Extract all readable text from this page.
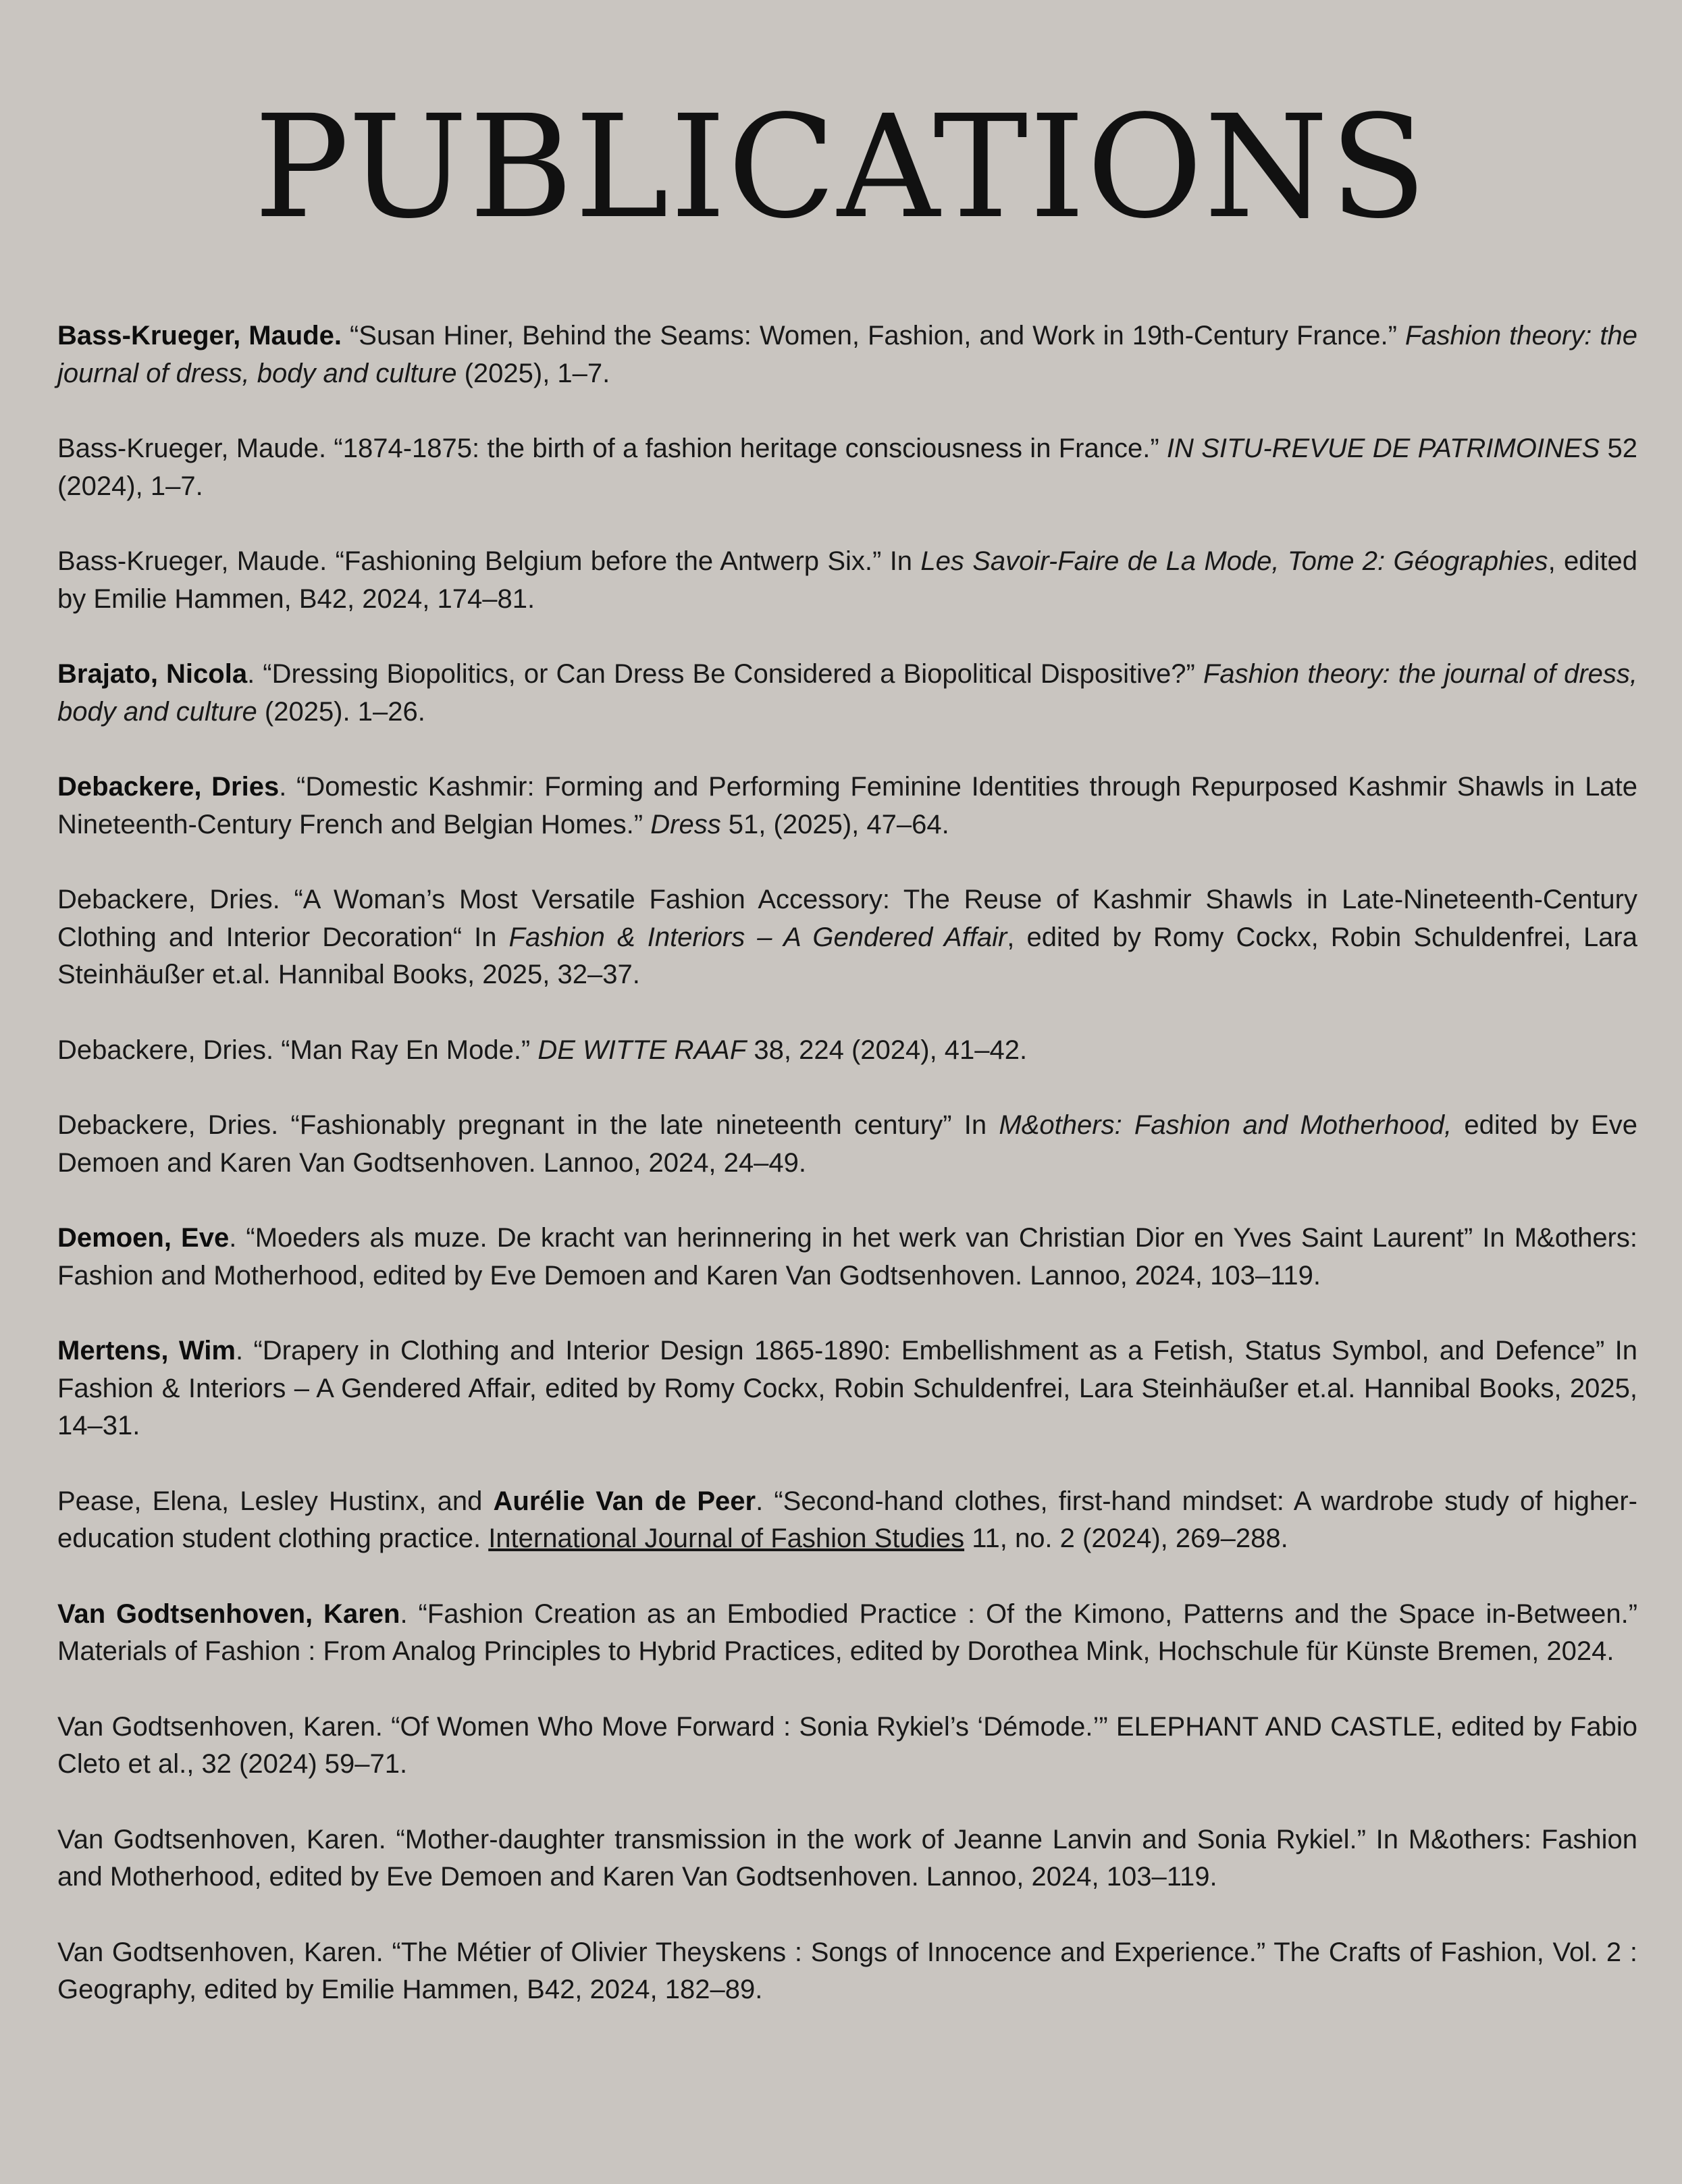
PUBLICATIONS

Bass-Krueger, Maude. “Susan Hiner, Behind the Seams: Women, Fashion, and Work in 19th-Century France.” Fashion theory: the journal of dress, body and culture (2025), 1–7.

Bass-Krueger, Maude. “1874-1875: the birth of a fashion heritage consciousness in France.” IN SITU-REVUE DE PATRIMOINES 52 (2024), 1–7.

Bass-Krueger, Maude. “Fashioning Belgium before the Antwerp Six.” In Les Savoir-Faire de La Mode, Tome 2: Géographies, edited by Emilie Hammen, B42, 2024, 174–81.

Brajato, Nicola. “Dressing Biopolitics, or Can Dress Be Considered a Biopolitical Dispositive?” Fashion theory: the journal of dress, body and culture (2025). 1–26.

Debackere, Dries. “Domestic Kashmir: Forming and Performing Feminine Identities through Repurposed Kashmir Shawls in Late Nineteenth-Century French and Belgian Homes.” Dress 51, (2025), 47–64.

Debackere, Dries. “A Woman’s Most Versatile Fashion Accessory: The Reuse of Kashmir Shawls in Late-Nineteenth-Century Clothing and Interior Decoration“ In Fashion & Interiors – A Gendered Affair, edited by Romy Cockx, Robin Schuldenfrei, Lara Steinhäußer et.al. Hannibal Books, 2025, 32–37.

Debackere, Dries. “Man Ray En Mode.” DE WITTE RAAF 38, 224 (2024), 41–42.

Debackere, Dries. “Fashionably pregnant in the late nineteenth century” In M&others: Fashion and Motherhood, edited by Eve Demoen and Karen Van Godtsenhoven. Lannoo, 2024, 24–49.

Demoen, Eve. “Moeders als muze. De kracht van herinnering in het werk van Christian Dior en Yves Saint Laurent” In M&others: Fashion and Motherhood, edited by Eve Demoen and Karen Van Godtsenhoven. Lannoo, 2024, 103–119.

Mertens, Wim. “Drapery in Clothing and Interior Design 1865-1890: Embellishment as a Fetish, Status Symbol, and Defence” In Fashion & Interiors – A Gendered Affair, edited by Romy Cockx, Robin Schuldenfrei, Lara Steinhäußer et.al. Hannibal Books, 2025, 14–31.

Pease, Elena, Lesley Hustinx, and Aurélie Van de Peer. “Second-hand clothes, first-hand mindset: A wardrobe study of higher-education student clothing practice. International Journal of Fashion Studies 11, no. 2 (2024), 269–288.

Van Godtsenhoven, Karen. “Fashion Creation as an Embodied Practice : Of the Kimono, Patterns and the Space in-Between.” Materials of Fashion : From Analog Principles to Hybrid Practices, edited by Dorothea Mink, Hochschule für Künste Bremen, 2024.

Van Godtsenhoven, Karen. “Of Women Who Move Forward : Sonia Rykiel’s ‘Démode.’” ELEPHANT AND CASTLE, edited by Fabio Cleto et al., 32 (2024) 59–71.

Van Godtsenhoven, Karen. “Mother-daughter transmission in the work of Jeanne Lanvin and Sonia Rykiel.” In M&others: Fashion and Motherhood, edited by Eve Demoen and Karen Van Godtsenhoven. Lannoo, 2024, 103–119.

Van Godtsenhoven, Karen. “The Métier of Olivier Theyskens : Songs of Innocence and Experience.” The Crafts of Fashion, Vol. 2 : Geography, edited by Emilie Hammen, B42, 2024, 182–89.
